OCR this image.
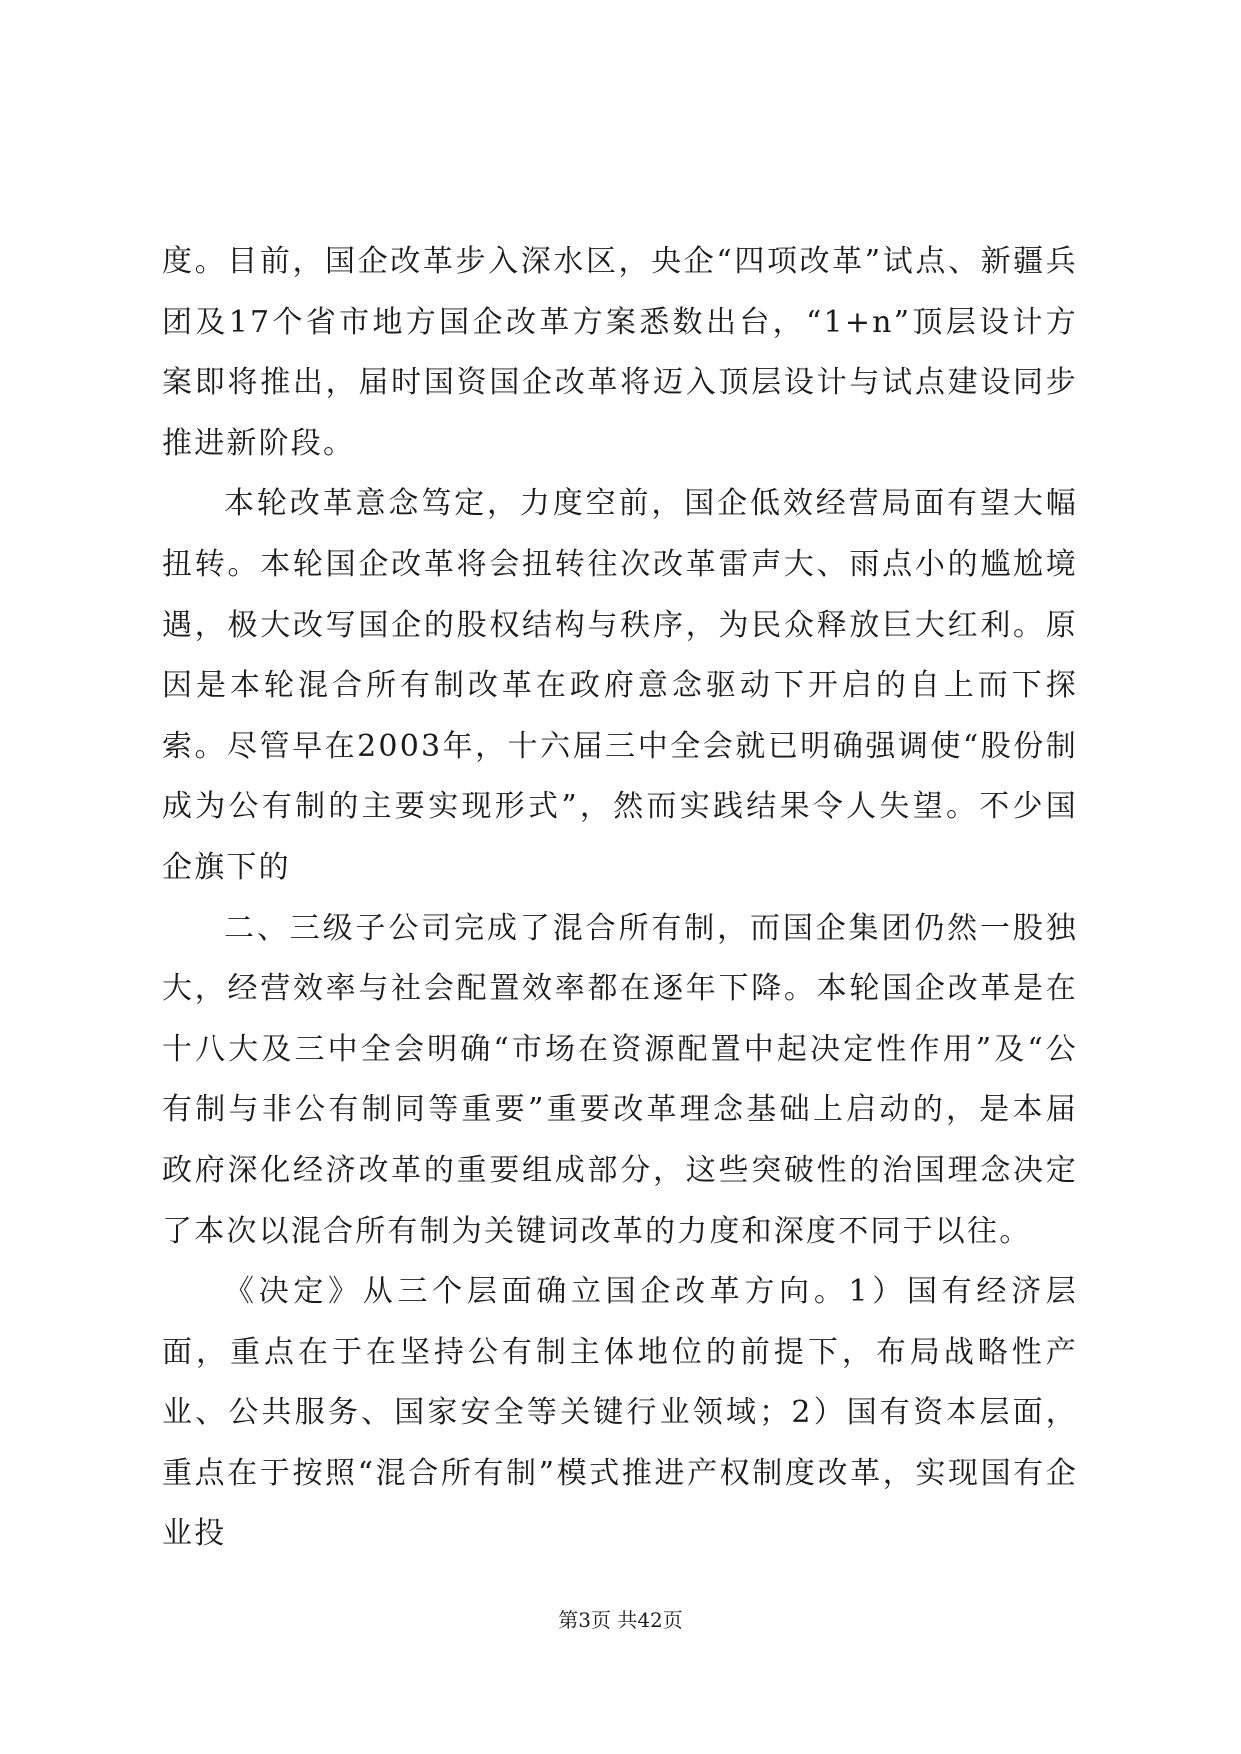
度。目前，国企改革步入深水区，央企“四项改革”试点、新疆兵团及17个省市地方国企改革方案悉数出台，“1+n”顶层设计方案即将推出，届时国资国企改革将迈入顶层设计与试点建设同步推进新阶段。

本轮改革意念笃定，力度空前，国企低效经营局面有望大幅扭转。本轮国企改革将会扭转往次改革雷声大、雨点小的尴尬境遇，极大改写国企的股权结构与秩序，为民众释放巨大红利。原因是本轮混合所有制改革在政府意念驱动下开启的自上而下探索。尽管早在2003年，十六届三中全会就已明确强调使“股份制成为公有制的主要实现形式”，然而实践结果令人失望。不少国企旗下的

二、三级子公司完成了混合所有制，而国企集团仍然一股独大，经营效率与社会配置效率都在逐年下降。本轮国企改革是在十八大及三中全会明确“市场在资源配置中起决定性作用”及“公有制与非公有制同等重要”重要改革理念基础上启动的，是本届政府深化经济改革的重要组成部分，这些突破性的治国理念决定了本次以混合所有制为关键词改革的力度和深度不同于以往。

《决定》从三个层面确立国企改革方向。1）国有经济层面，重点在于在坚持公有制主体地位的前提下，布局战略性产业、公共服务、国家安全等关键行业领域；2）国有资本层面，重点在于按照“混合所有制”模式推进产权制度改革，实现国有企业投

第3页 共42页
